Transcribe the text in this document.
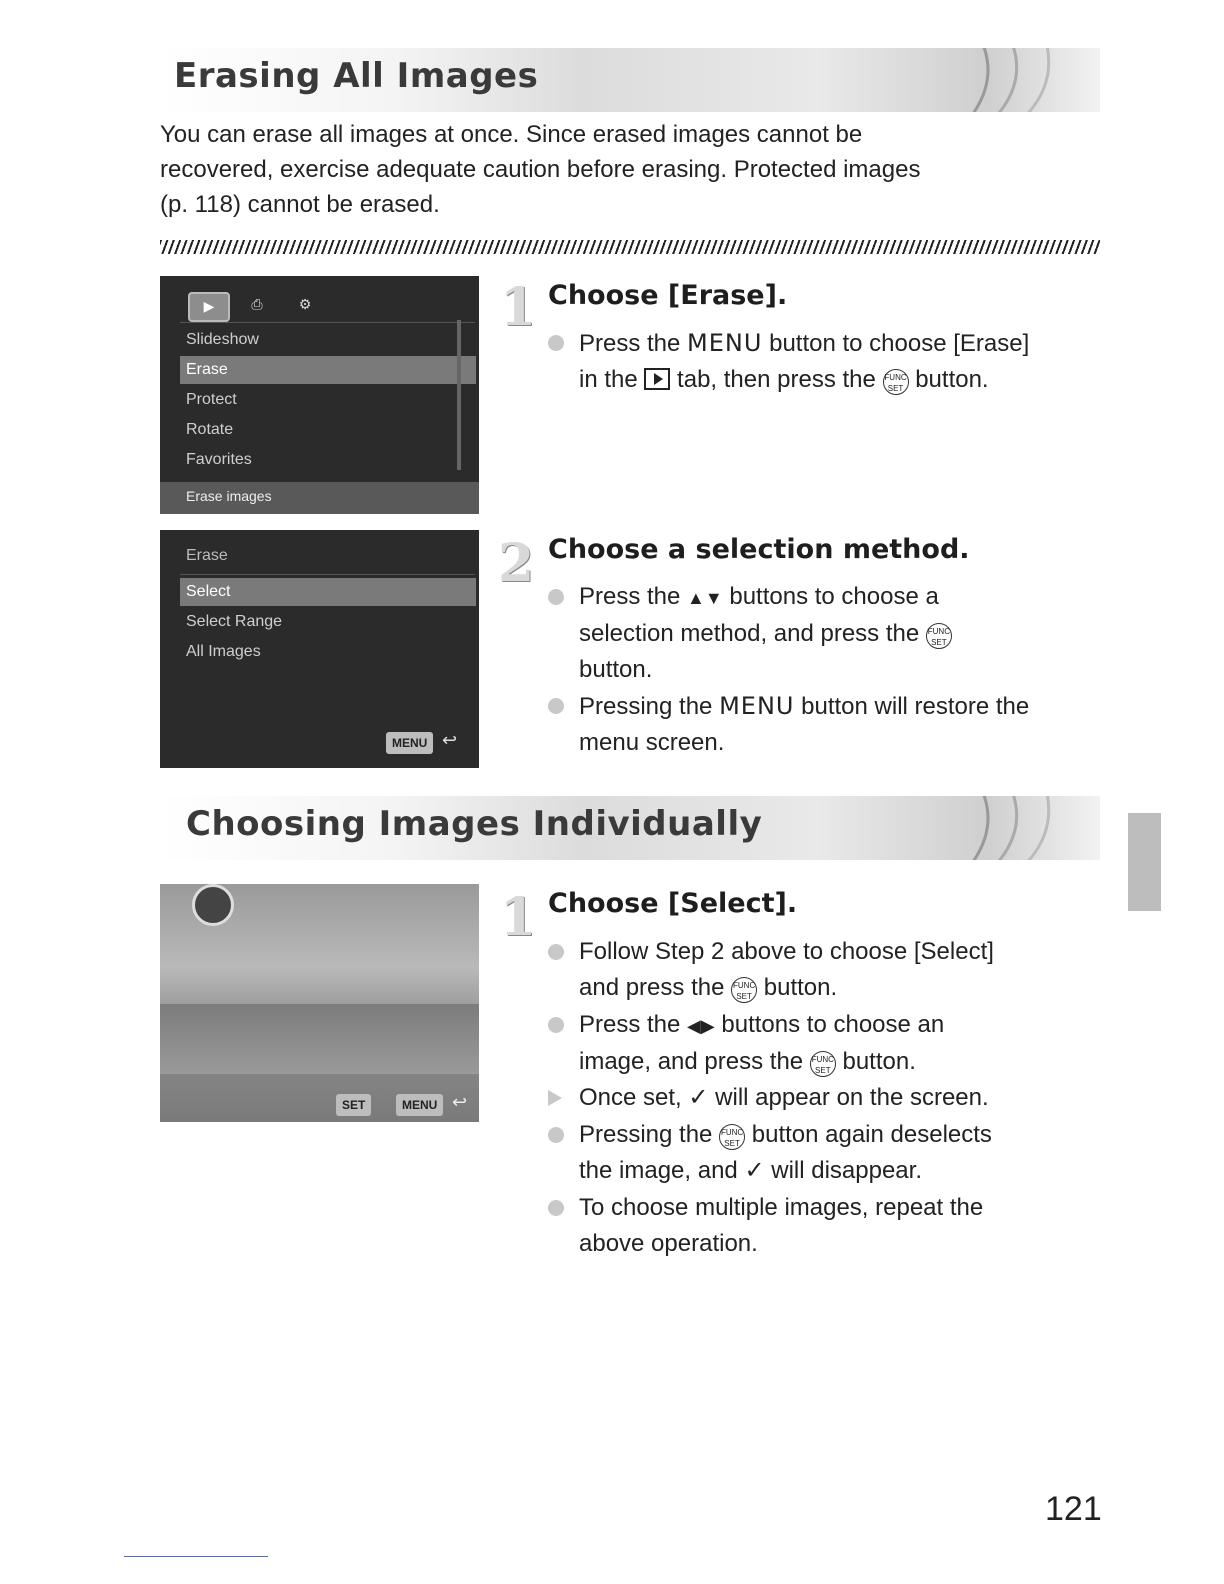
Erasing All Images
You can erase all images at once. Since erased images cannot be
recovered, exercise adequate caution before erasing. Protected images
(p. 118) cannot be erased.
▶	⎙	⚙
Slideshow
Erase
Protect
Rotate
Favorites
Erase images
1 Choose [Erase].
Press the MENU button to choose [Erase]
in the  tab, then press the FUNC
SET button.
Erase
Select
Select Range
All Images
MENU ↩
2 Choose a selection method.
Press the ▲▼ buttons to choose a
selection method, and press the FUNC
SET
button.
Pressing the MENU button will restore the
menu screen.
Choosing Images Individually
SET	MENU ↩
1 Choose [Select].
Follow Step 2 above to choose [Select]
and press the FUNC
SET button.
Press the ◀▶ buttons to choose an
image, and press the FUNC
SET button.
Once set, ✓ will appear on the screen.
Pressing the FUNC
SET button again deselects
the image, and ✓ will disappear.
To choose multiple images, repeat the
above operation.
121
